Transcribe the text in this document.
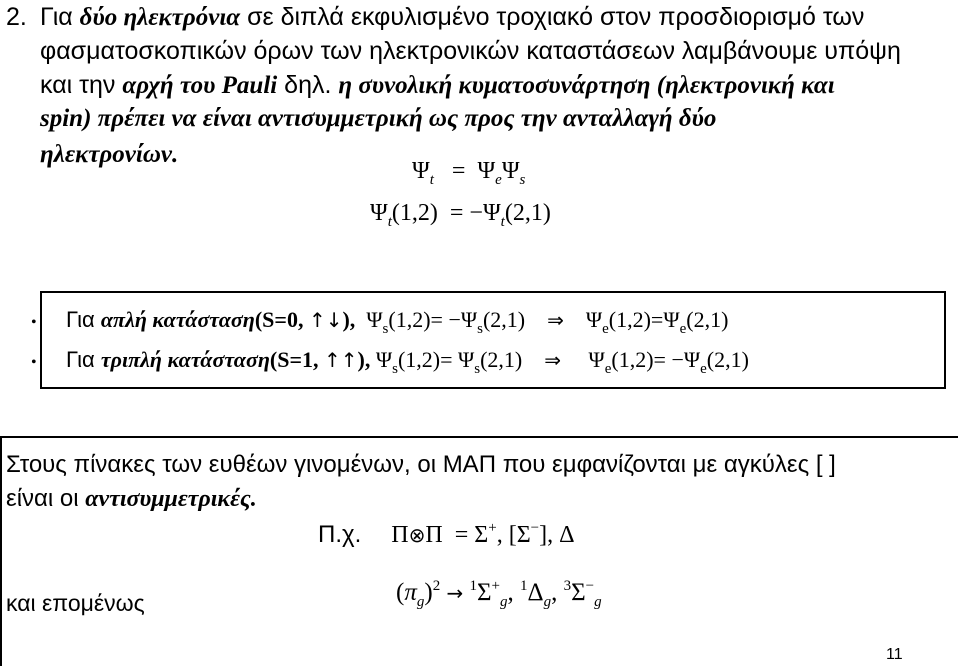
2. Για δύο ηλεκτρόνια σε διπλά εκφυλισμένο τροχιακό στον προσδιορισμό των
φασματοσκοπικών όρων των ηλεκτρονικών καταστάσεων λαμβάνουμε υπόψη
και την αρχή του Pauli δηλ. η συνολική κυματοσυνάρτηση (ηλεκτρονική και
spin) πρέπει να είναι αντισυμμετρική ως προς την ανταλλαγή δύο
ηλεκτρονίων.
$\Psi_t = \Psi_e\Psi_s$
$\Psi_t(1,2) = -\Psi_t(2,1)$
• Για απλή κατάσταση(S=0, ↑↓), $\Psi_s(1,2)= -\Psi_s(2,1)$ ⇒ $\Psi_e(1,2)=\Psi_e(2,1)$
• Για τριπλή κατάσταση(S=1, ↑↑), $\Psi_s(1,2)= \Psi_s(2,1)$ ⇒ $\Psi_e(1,2)= -\Psi_e(2,1)$
Στους πίνακες των ευθέων γινομένων, οι ΜΑΠ που εμφανίζονται με αγκύλες [ ]
είναι οι αντισυμμετρικές.
Π.χ. Π⊗Π = Σ+, [Σ−], Δ
και επομένως	$(\pi_g)^2 \to ^1\Sigma^+_g$, $^1\Delta_g$, $^3\Sigma^-_g$
11
